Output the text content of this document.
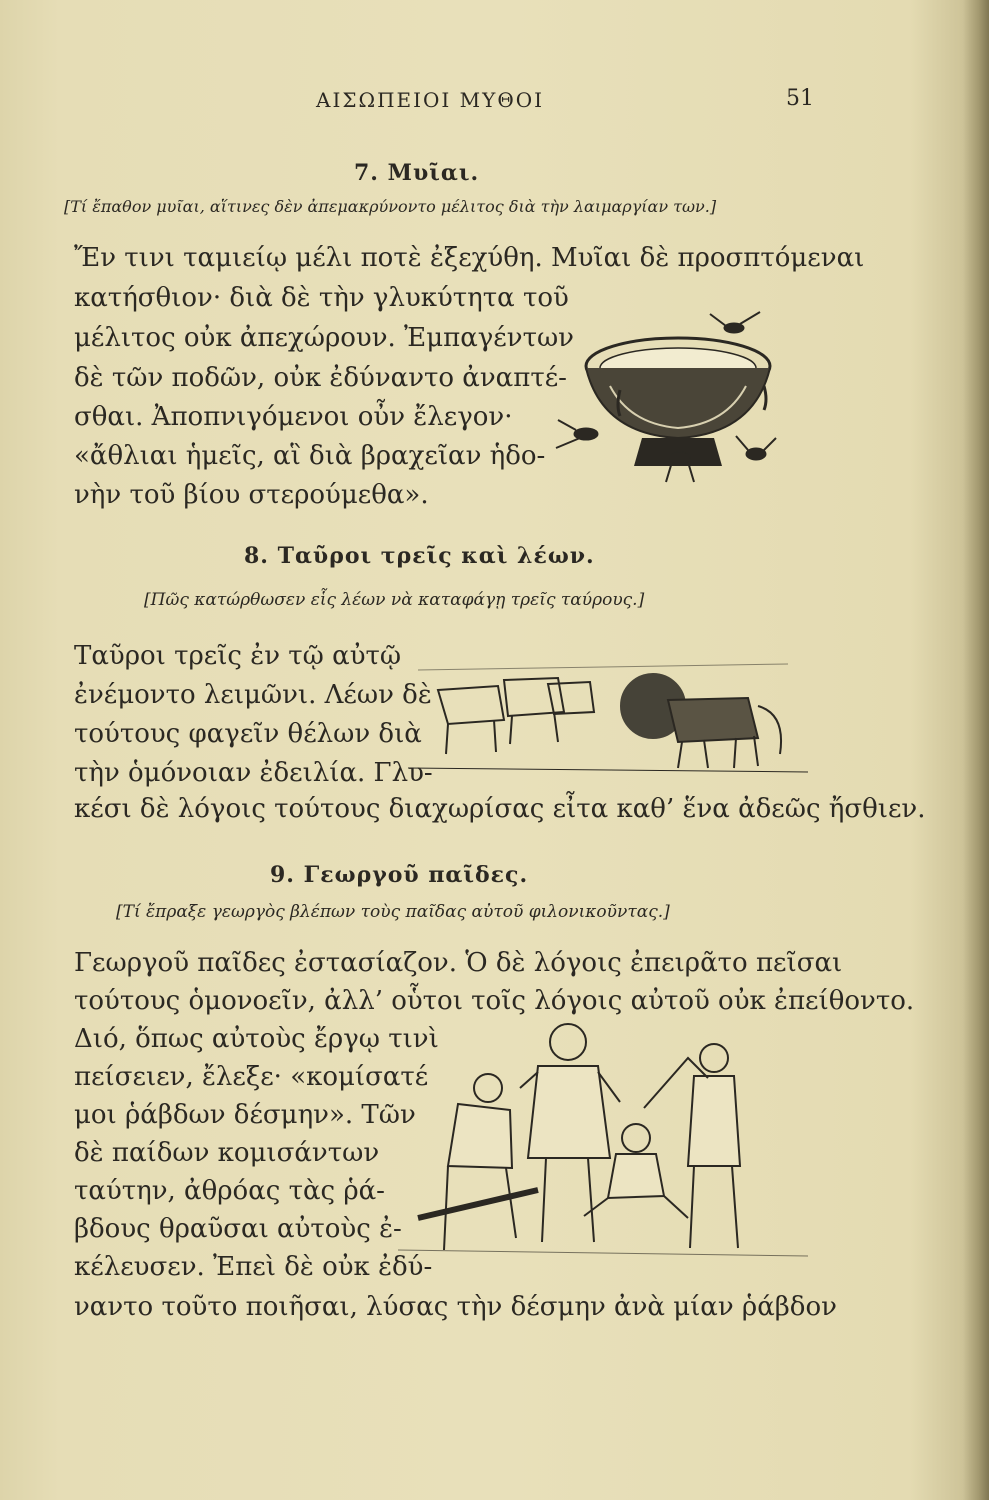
ΑΙΣΩΠΕΙΟΙ ΜΥΘΟΙ	51
7. Μυῖαι.
[Τί ἔπαθον μυῖαι, αἵτινες δὲν ἀπεμακρύνοντο μέλιτος διὰ τὴν λαιμαργίαν των.]
Ἔν τινι ταμιείῳ μέλι ποτὲ ἐξεχύθη. Μυῖαι δὲ προσπτόμεναι
κατήσθιον· διὰ δὲ τὴν γλυκύτητα τοῦ
μέλιτος οὐκ ἀπεχώρουν. Ἐμπαγέντων
δὲ τῶν ποδῶν, οὐκ ἐδύναντο ἀναπτέ-
σθαι. Ἀποπνιγόμενοι οὖν ἔλεγον·
«ἄθλιαι ἡμεῖς, αἳ διὰ βραχεῖαν ἡδο-
νὴν τοῦ βίου στερούμεθα».
8. Ταῦροι τρεῖς καὶ λέων.
[Πῶς κατώρθωσεν εἷς λέων νὰ καταφάγῃ τρεῖς ταύρους.]
Ταῦροι τρεῖς ἐν τῷ αὐτῷ
ἐνέμοντο λειμῶνι. Λέων δὲ
τούτους φαγεῖν θέλων διὰ
τὴν ὁμόνοιαν ἐδειλία. Γλυ-
κέσι δὲ λόγοις τούτους διαχωρίσας εἶτα καθ’ ἕνα ἀδεῶς ἤσθιεν.
9. Γεωργοῦ παῖδες.
[Τί ἔπραξε γεωργὸς βλέπων τοὺς παῖδας αὐτοῦ φιλονικοῦντας.]
Γεωργοῦ παῖδες ἐστασίαζον. Ὁ δὲ λόγοις ἐπειρᾶτο πεῖσαι
τούτους ὁμονοεῖν, ἀλλ’ οὗτοι τοῖς λόγοις αὐτοῦ οὐκ ἐπείθοντο.
Διό, ὅπως αὐτοὺς ἔργῳ τινὶ
πείσειεν, ἔλεξε· «κομίσατέ
μοι ῥάβδων δέσμην». Τῶν
δὲ παίδων κομισάντων
ταύτην, ἀθρόας τὰς ῥά-
βδους θραῦσαι αὐτοὺς ἐ-
κέλευσεν. Ἐπεὶ δὲ οὐκ ἐδύ-
ναντο τοῦτο ποιῆσαι, λύσας τὴν δέσμην ἀνὰ μίαν ῥάβδον
